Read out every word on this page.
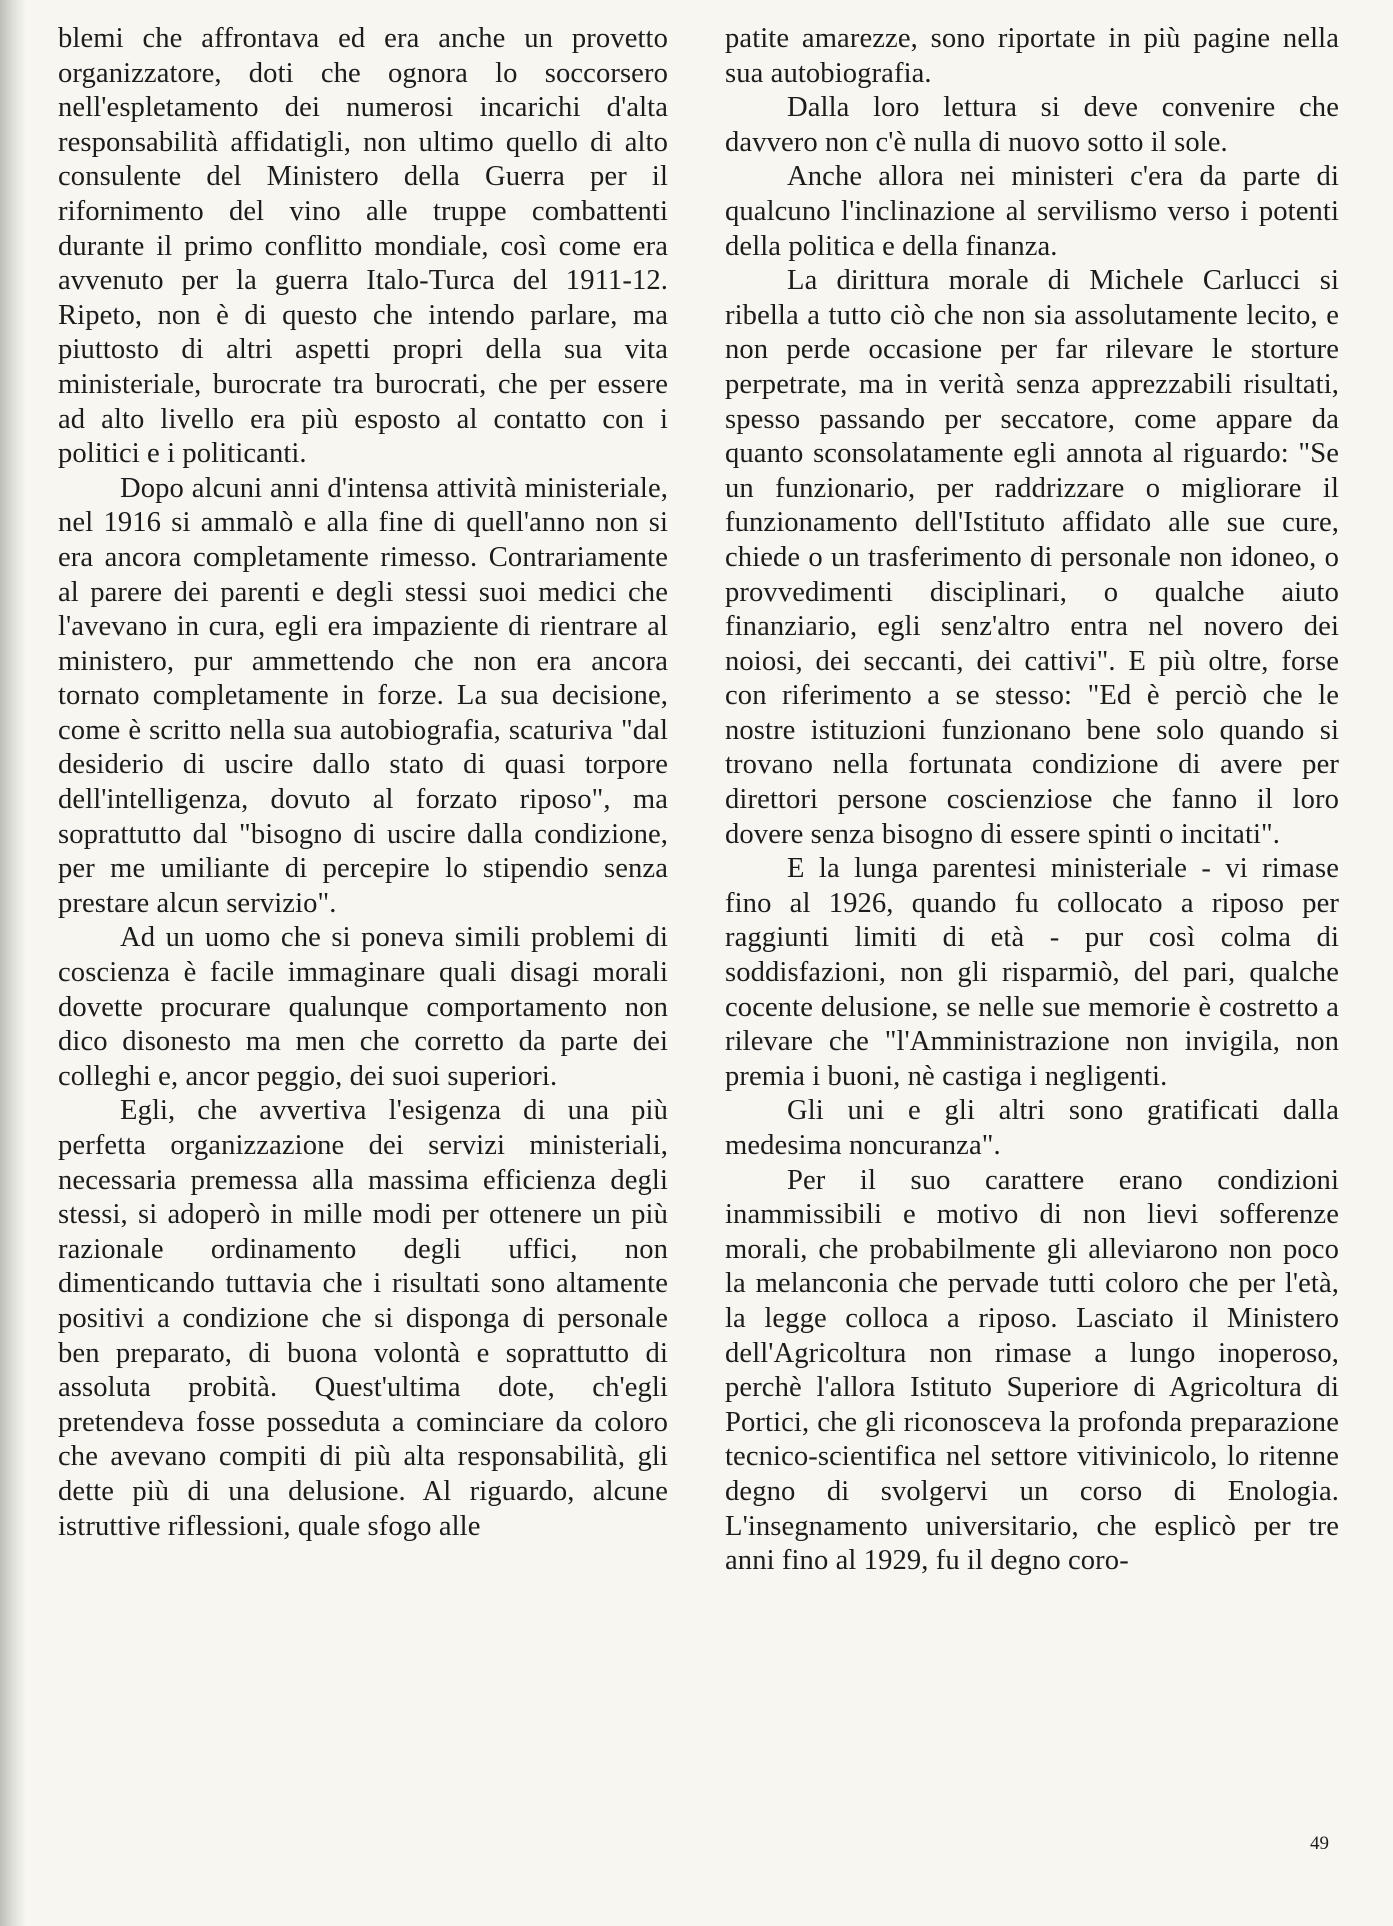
blemi che affrontava ed era anche un provetto organizzatore, doti che ognora lo soccorsero nell'espletamento dei numerosi incarichi d'alta responsabilità affidatigli, non ultimo quello di alto consulente del Ministero della Guerra per il rifornimento del vino alle truppe combattenti durante il primo conflitto mondiale, così come era avvenuto per la guerra Italo-Turca del 1911-12. Ripeto, non è di questo che intendo parlare, ma piuttosto di altri aspetti propri della sua vita ministeriale, burocrate tra burocrati, che per essere ad alto livello era più esposto al contatto con i politici e i politicanti.

Dopo alcuni anni d'intensa attività ministeriale, nel 1916 si ammalò e alla fine di quell'anno non si era ancora completamente rimesso. Contrariamente al parere dei parenti e degli stessi suoi medici che l'avevano in cura, egli era impaziente di rientrare al ministero, pur ammettendo che non era ancora tornato completamente in forze. La sua decisione, come è scritto nella sua autobiografia, scaturiva "dal desiderio di uscire dallo stato di quasi torpore dell'intelligenza, dovuto al forzato riposo", ma soprattutto dal "bisogno di uscire dalla condizione, per me umiliante di percepire lo stipendio senza prestare alcun servizio".

Ad un uomo che si poneva simili problemi di coscienza è facile immaginare quali disagi morali dovette procurare qualunque comportamento non dico disonesto ma men che corretto da parte dei colleghi e, ancor peggio, dei suoi superiori.

Egli, che avvertiva l'esigenza di una più perfetta organizzazione dei servizi ministeriali, necessaria premessa alla massima efficienza degli stessi, si adoperò in mille modi per ottenere un più razionale ordinamento degli uffici, non dimenticando tuttavia che i risultati sono altamente positivi a condizione che si disponga di personale ben preparato, di buona volontà e soprattutto di assoluta probità. Quest'ultima dote, ch'egli pretendeva fosse posseduta a cominciare da coloro che avevano compiti di più alta responsabilità, gli dette più di una delusione. Al riguardo, alcune istruttive riflessioni, quale sfogo alle

patite amarezze, sono riportate in più pagine nella sua autobiografia.

Dalla loro lettura si deve convenire che davvero non c'è nulla di nuovo sotto il sole.

Anche allora nei ministeri c'era da parte di qualcuno l'inclinazione al servilismo verso i potenti della politica e della finanza.

La dirittura morale di Michele Carlucci si ribella a tutto ciò che non sia assolutamente lecito, e non perde occasione per far rilevare le storture perpetrate, ma in verità senza apprezzabili risultati, spesso passando per seccatore, come appare da quanto sconsolatamente egli annota al riguardo: "Se un funzionario, per raddrizzare o migliorare il funzionamento dell'Istituto affidato alle sue cure, chiede o un trasferimento di personale non idoneo, o provvedimenti disciplinari, o qualche aiuto finanziario, egli senz'altro entra nel novero dei noiosi, dei seccanti, dei cattivi". E più oltre, forse con riferimento a se stesso: "Ed è perciò che le nostre istituzioni funzionano bene solo quando si trovano nella fortunata condizione di avere per direttori persone coscienziose che fanno il loro dovere senza bisogno di essere spinti o incitati".

E la lunga parentesi ministeriale - vi rimase fino al 1926, quando fu collocato a riposo per raggiunti limiti di età - pur così colma di soddisfazioni, non gli risparmiò, del pari, qualche cocente delusione, se nelle sue memorie è costretto a rilevare che "l'Amministrazione non invigila, non premia i buoni, nè castiga i negligenti.

Gli uni e gli altri sono gratificati dalla medesima noncuranza".

Per il suo carattere erano condizioni inammissibili e motivo di non lievi sofferenze morali, che probabilmente gli alleviarono non poco la melanconia che pervade tutti coloro che per l'età, la legge colloca a riposo. Lasciato il Ministero dell'Agricoltura non rimase a lungo inoperoso, perchè l'allora Istituto Superiore di Agricoltura di Portici, che gli riconosceva la profonda preparazione tecnico-scientifica nel settore vitivinicolo, lo ritenne degno di svolgervi un corso di Enologia. L'insegnamento universitario, che esplicò per tre anni fino al 1929, fu il degno coro-

49
